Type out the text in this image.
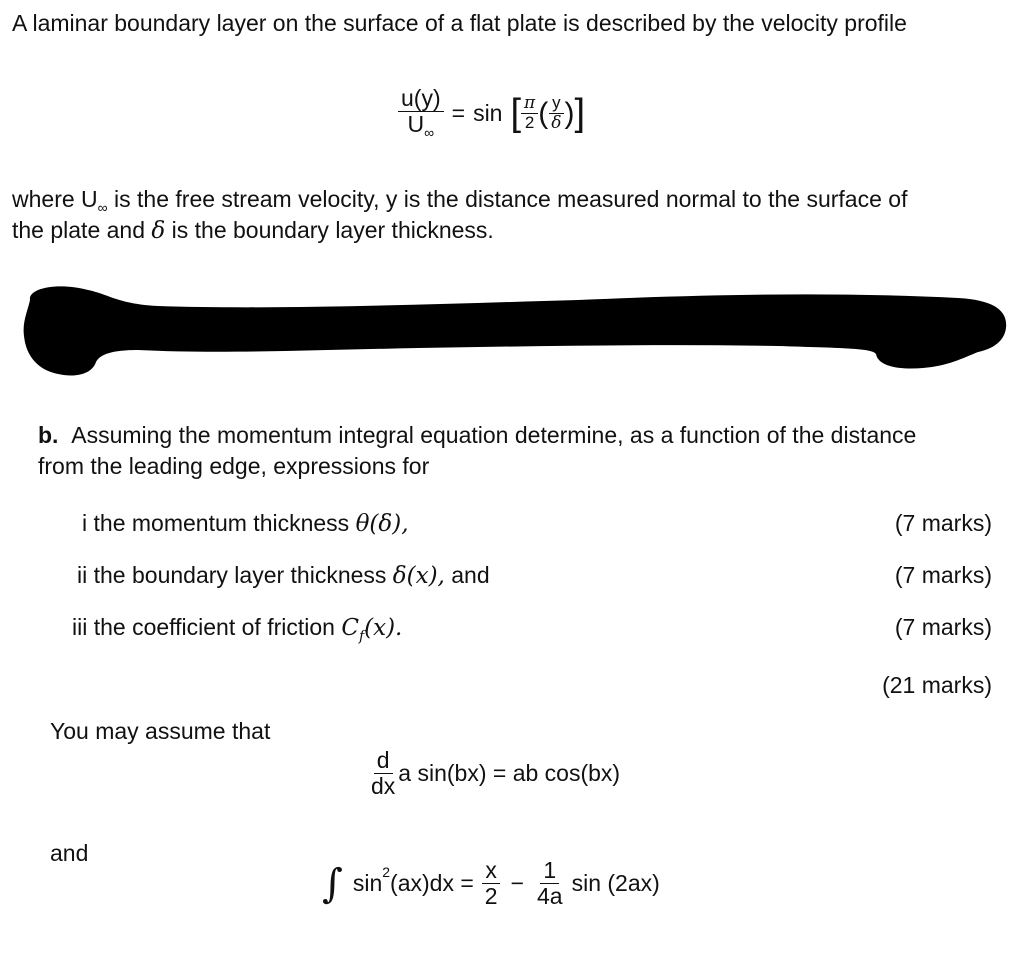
A laminar boundary layer on the surface of a flat plate is described by the velocity profile
$\frac{u(y)}{U_\infty} = \sin$ [ $\frac{\pi}{2}$ ( $\frac{y}{\delta}$ ) ]
where $U_\infty$ is the free stream velocity, y is the distance measured normal to the surface of
the plate and δ is the boundary layer thickness.
b. Assuming the momentum integral equation determine, as a function of the distance
from the leading edge, expressions for
i the momentum thickness θ(δ),	(7 marks)
ii the boundary layer thickness δ(x), and	(7 marks)
iii the coefficient of friction $C_f(x)$.	(7 marks)
(21 marks)
You may assume that
$\frac{d}{dx}$ a sin(bx) = ab cos(bx)
and
∫ $\sin^2 (ax)dx = \frac{x}{2} - \frac{1}{4a}$ sin (2ax)
